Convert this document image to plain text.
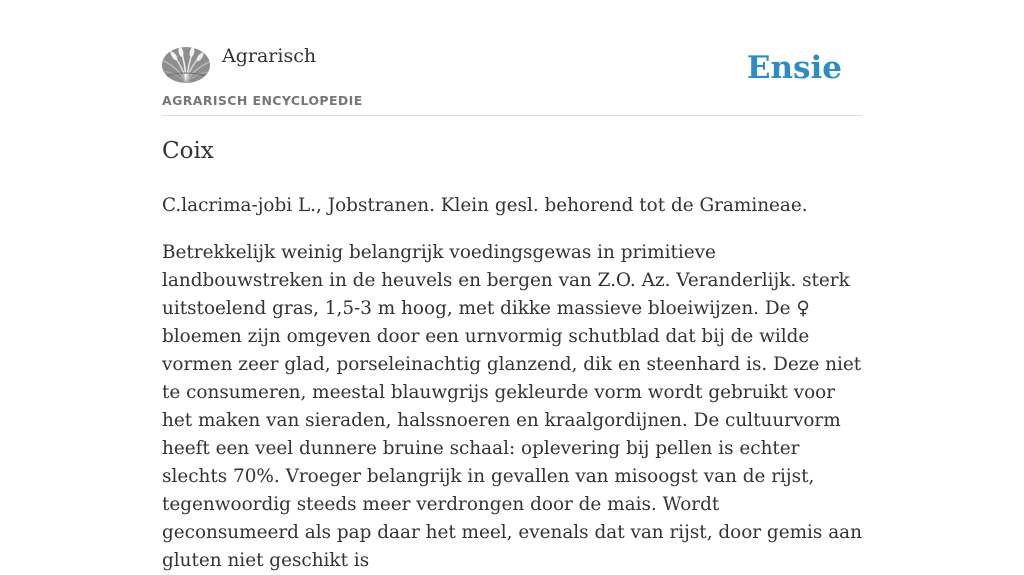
Agrarisch
AGRARISCH ENCYCLOPEDIE
Ensie
Coix

C.lacrima-jobi L., Jobstranen. Klein gesl. behorend tot de Gramineae.

Betrekkelijk weinig belangrijk voedingsgewas in primitieve landbouwstreken in de heuvels en bergen van Z.O. Az. Veranderlijk. sterk uitstoelend gras, 1,5-3 m hoog, met dikke massieve bloeiwijzen. De ♀ bloemen zijn omgeven door een urnvormig schutblad dat bij de wilde vormen zeer glad, porseleinachtig glanzend, dik en steenhard is. Deze niet te consumeren, meestal blauwgrijs gekleurde vorm wordt gebruikt voor het maken van sieraden, halssnoeren en kraalgordijnen. De cultuurvorm heeft een veel dunnere bruine schaal: oplevering bij pellen is echter slechts 70%. Vroeger belangrijk in gevallen van misoogst van de rijst, tegenwoordig steeds meer verdrongen door de mais. Wordt geconsumeerd als pap daar het meel, evenals dat van rijst, door gemis aan gluten niet geschikt is
